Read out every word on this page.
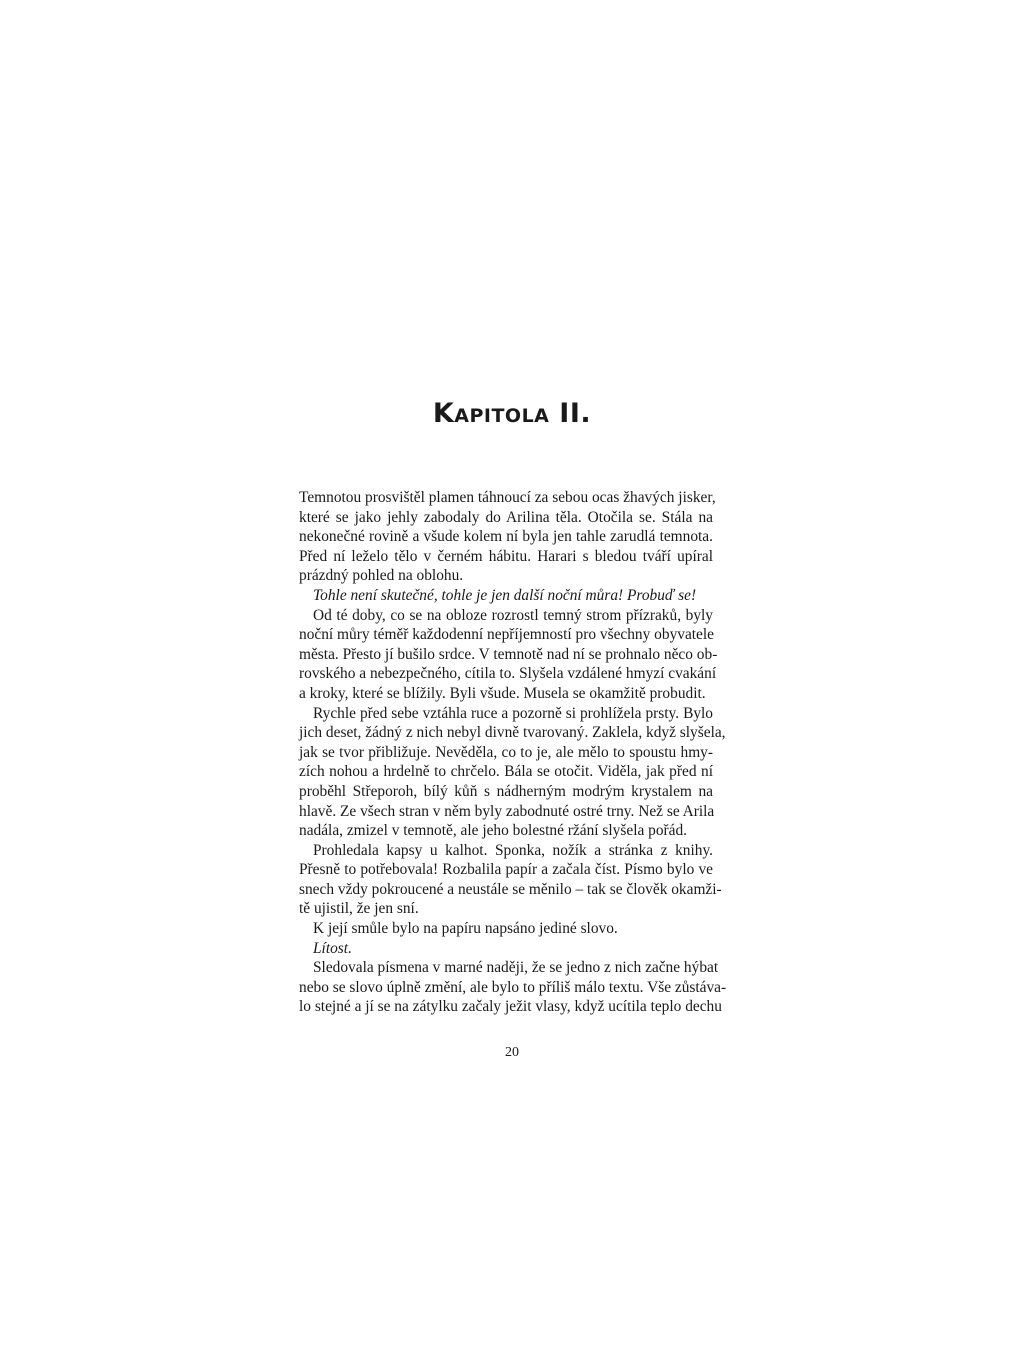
Kapitola II.
Temnotou prosvištěl plamen táhnoucí za sebou ocas žhavých jisker,
které se jako jehly zabodaly do Arilina těla. Otočila se. Stála na
nekonečné rovině a všude kolem ní byla jen tahle zarudlá temnota.
Před ní leželo tělo v černém hábitu. Harari s bledou tváří upíral
prázdný pohled na oblohu.
Tohle není skutečné, tohle je jen další noční můra! Probuď se!
Od té doby, co se na obloze rozrostl temný strom přízraků, byly
noční můry téměř každodenní nepříjemností pro všechny obyvatele
města. Přesto jí bušilo srdce. V temnotě nad ní se prohnalo něco ob-
rovského a nebezpečného, cítila to. Slyšela vzdálené hmyzí cvakání
a kroky, které se blížily. Byli všude. Musela se okamžitě probudit.
Rychle před sebe vztáhla ruce a pozorně si prohlížela prsty. Bylo
jich deset, žádný z nich nebyl divně tvarovaný. Zaklela, když slyšela,
jak se tvor přibližuje. Nevěděla, co to je, ale mělo to spoustu hmy-
zích nohou a hrdelně to chrčelo. Bála se otočit. Viděla, jak před ní
proběhl Střeporoh, bílý kůň s nádherným modrým krystalem na
hlavě. Ze všech stran v něm byly zabodnuté ostré trny. Než se Arila
nadála, zmizel v temnotě, ale jeho bolestné ržání slyšela pořád.
Prohledala kapsy u kalhot. Sponka, nožík a stránka z knihy.
Přesně to potřebovala! Rozbalila papír a začala číst. Písmo bylo ve
snech vždy pokroucené a neustále se měnilo – tak se člověk okamži-
tě ujistil, že jen sní.
K její smůle bylo na papíru napsáno jediné slovo.
Lítost.
Sledovala písmena v marné naději, že se jedno z nich začne hýbat
nebo se slovo úplně změní, ale bylo to příliš málo textu. Vše zůstáva-
lo stejné a jí se na zátylku začaly ježit vlasy, když ucítila teplo dechu
20
